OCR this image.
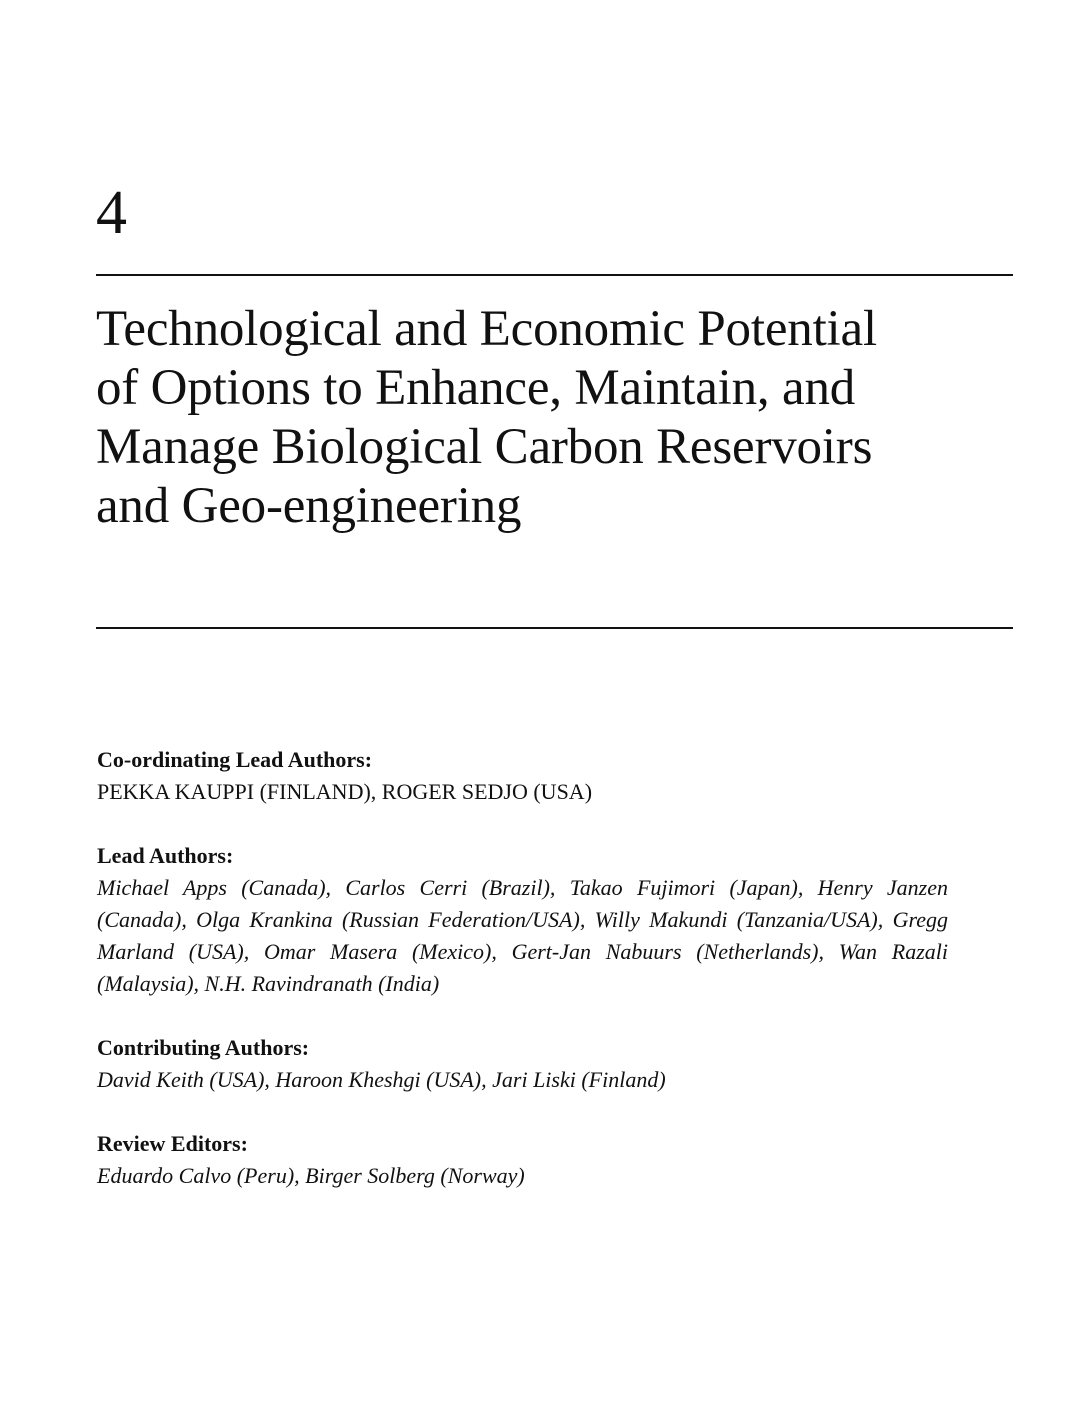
4
Technological and Economic Potential
of Options to Enhance, Maintain, and
Manage Biological Carbon Reservoirs
and Geo-engineering

Co-ordinating Lead Authors:

PEKKA KAUPPI (FINLAND), ROGER SEDJO (USA)

Lead Authors:

Michael Apps (Canada), Carlos Cerri (Brazil), Takao Fujimori (Japan), Henry Janzen (Canada), Olga Krankina (Russian Federation/USA), Willy Makundi (Tanzania/USA), Gregg Marland (USA), Omar Masera (Mexico), Gert-Jan Nabuurs (Netherlands), Wan Razali (Malaysia), N.H. Ravindranath (India)

Contributing Authors:

David Keith (USA), Haroon Kheshgi (USA), Jari Liski (Finland)

Review Editors:

Eduardo Calvo (Peru), Birger Solberg (Norway)
